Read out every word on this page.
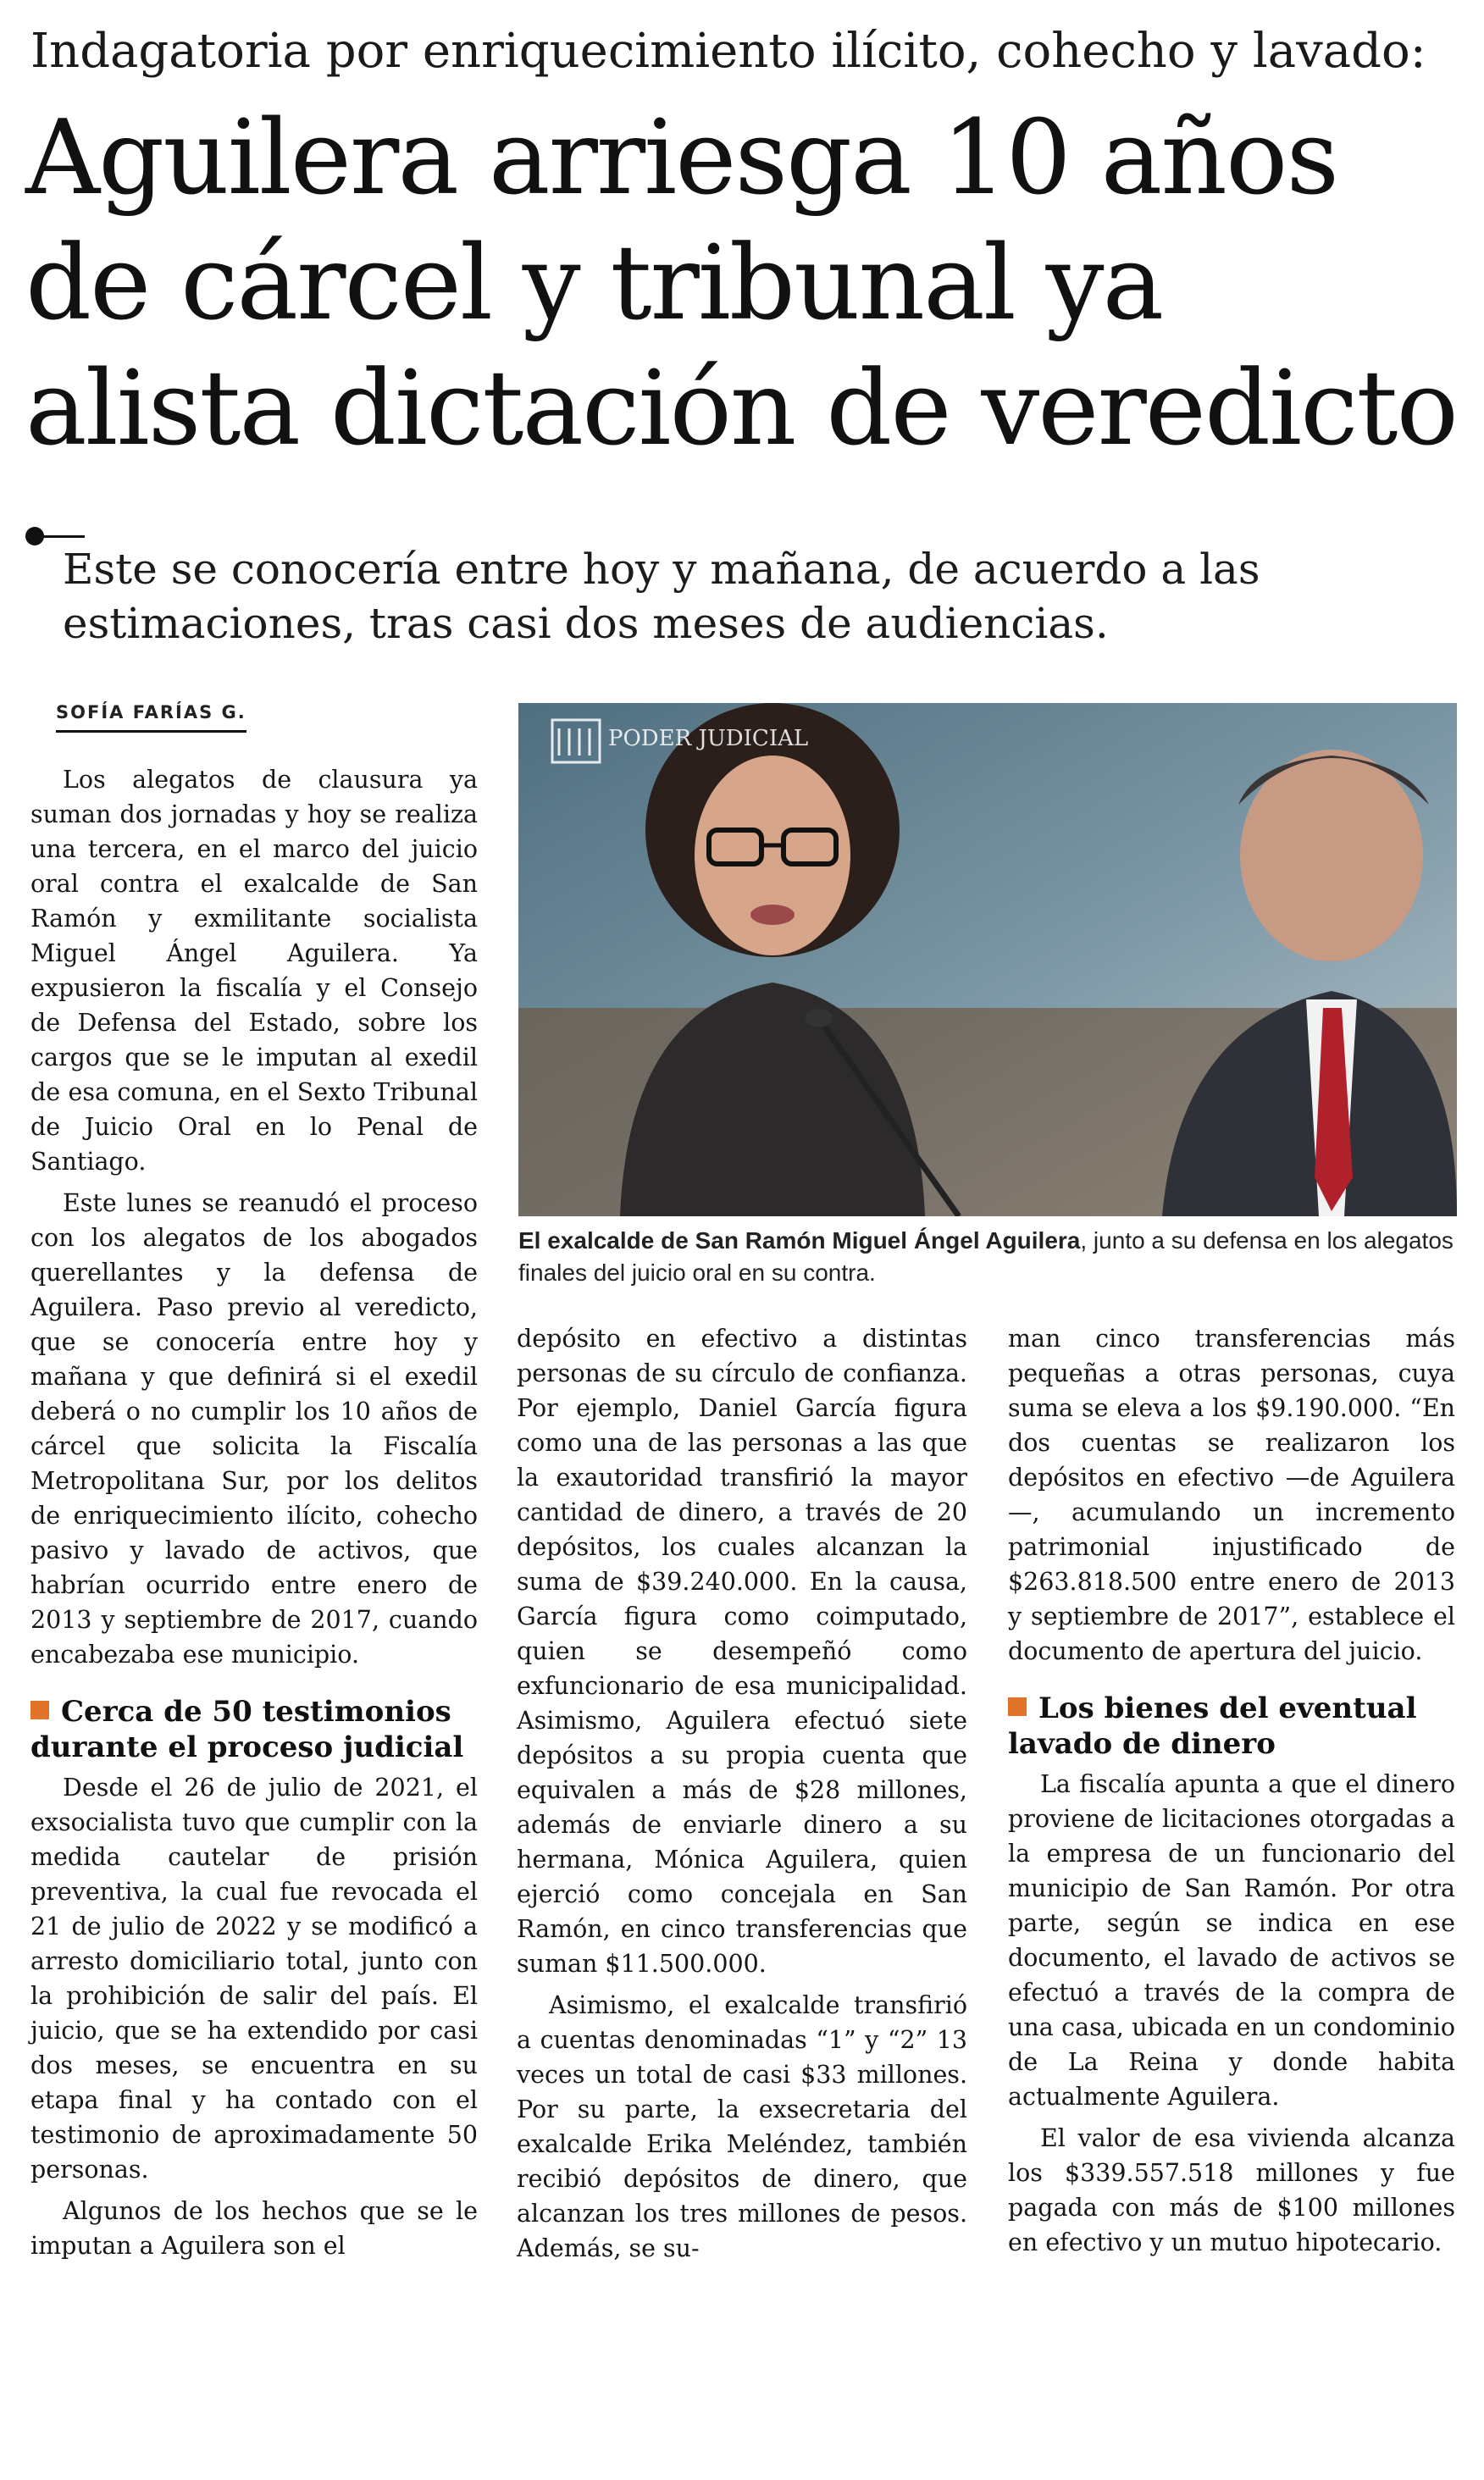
Indagatoria por enriquecimiento ilícito, cohecho y lavado:
Aguilera arriesga 10 años
de cárcel y tribunal ya
alista dictación de veredicto
Este se conocería entre hoy y mañana, de acuerdo a las estimaciones, tras casi dos meses de audiencias.
SOFÍA FARÍAS G.

Los alegatos de clausura ya suman dos jornadas y hoy se realiza una tercera, en el marco del juicio oral contra el exalcalde de San Ramón y exmilitante socialista Miguel Ángel Aguilera. Ya expusieron la fiscalía y el Consejo de Defensa del Estado, sobre los cargos que se le imputan al exedil de esa comuna, en el Sexto Tribunal de Juicio Oral en lo Penal de Santiago.

Este lunes se reanudó el proceso con los alegatos de los abogados querellantes y la defensa de Aguilera. Paso previo al veredicto, que se conocería entre hoy y mañana y que definirá si el exedil deberá o no cumplir los 10 años de cárcel que solicita la Fiscalía Metropolitana Sur, por los delitos de enriquecimiento ilícito, cohecho pasivo y lavado de activos, que habrían ocurrido entre enero de 2013 y septiembre de 2017, cuando encabezaba ese municipio.

Cerca de 50 testimonios durante el proceso judicial

Desde el 26 de julio de 2021, el exsocialista tuvo que cumplir con la medida cautelar de prisión preventiva, la cual fue revocada el 21 de julio de 2022 y se modificó a arresto domiciliario total, junto con la prohibición de salir del país. El juicio, que se ha extendido por casi dos meses, se encuentra en su etapa final y ha contado con el testimonio de aproximadamente 50 personas.

Algunos de los hechos que se le imputan a Aguilera son el

PODER JUDICIAL
El exalcalde de San Ramón Miguel Ángel Aguilera, junto a su defensa en los alegatos finales del juicio oral en su contra.

depósito en efectivo a distintas personas de su círculo de confianza. Por ejemplo, Daniel García figura como una de las personas a las que la exautoridad transfirió la mayor cantidad de dinero, a través de 20 depósitos, los cuales alcanzan la suma de $39.240.000. En la causa, García figura como coimputado, quien se desempeñó como exfuncionario de esa municipalidad. Asimismo, Aguilera efectuó siete depósitos a su propia cuenta que equivalen a más de $28 millones, además de enviarle dinero a su hermana, Mónica Aguilera, quien ejerció como concejala en San Ramón, en cinco transferencias que suman $11.500.000.

Asimismo, el exalcalde transfirió a cuentas denominadas “1” y “2” 13 veces un total de casi $33 millones. Por su parte, la exsecretaria del exalcalde Erika Meléndez, también recibió depósitos de dinero, que alcanzan los tres millones de pesos. Además, se su-

man cinco transferencias más pequeñas a otras personas, cuya suma se eleva a los $9.190.000. “En dos cuentas se realizaron los depósitos en efectivo —de Aguilera—, acumulando un incremento patrimonial injustificado de $263.818.500 entre enero de 2013 y septiembre de 2017”, establece el documento de apertura del juicio.

Los bienes del eventual lavado de dinero

La fiscalía apunta a que el dinero proviene de licitaciones otorgadas a la empresa de un funcionario del municipio de San Ramón. Por otra parte, según se indica en ese documento, el lavado de activos se efectuó a través de la compra de una casa, ubicada en un condominio de La Reina y donde habita actualmente Aguilera.

El valor de esa vivienda alcanza los $339.557.518 millones y fue pagada con más de $100 millones en efectivo y un mutuo hipotecario.
